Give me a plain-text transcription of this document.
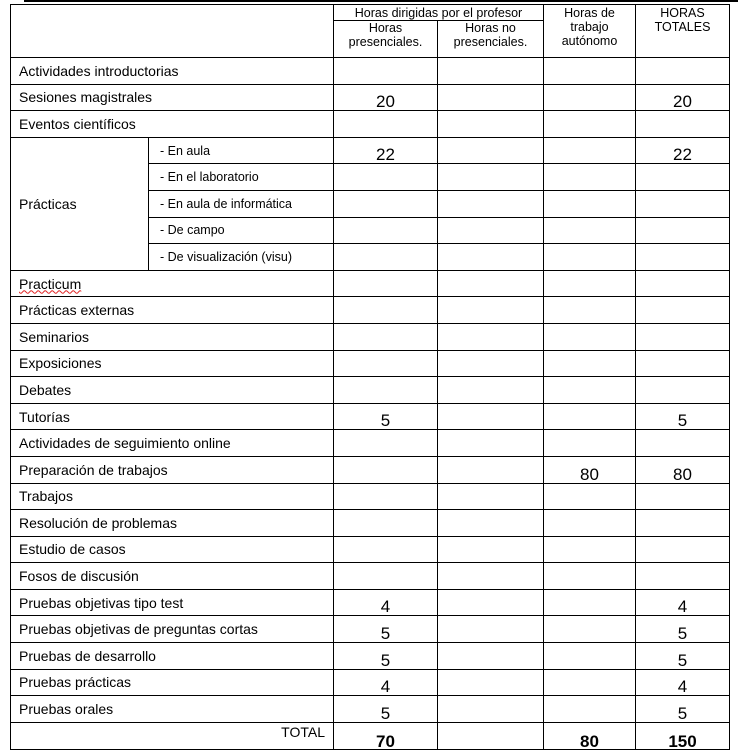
		Horas dirigidas por el profesor		Horas de trabajo autónomo	HORAS TOTALES
		Horas presenciales.	Horas no presenciales.		
Actividades introductorias					
Sesiones magistrales		20			20
Eventos científicos					
Prácticas	- En aula	22			22
	- En el laboratorio				
	- En aula de informática				
	- De campo				
	- De visualización (visu)				
Practicum					
Prácticas externas					
Seminarios					
Exposiciones					
Debates					
Tutorías		5			5
Actividades de seguimiento online					
Preparación de trabajos				80	80
Trabajos					
Resolución de problemas					
Estudio de casos					
Fosos de discusión					
Pruebas objetivas tipo test		4			4
Pruebas objetivas de preguntas cortas		5			5
Pruebas de desarrollo		5			5
Pruebas prácticas		4			4
Pruebas orales		5			5
TOTAL		70		80	150
